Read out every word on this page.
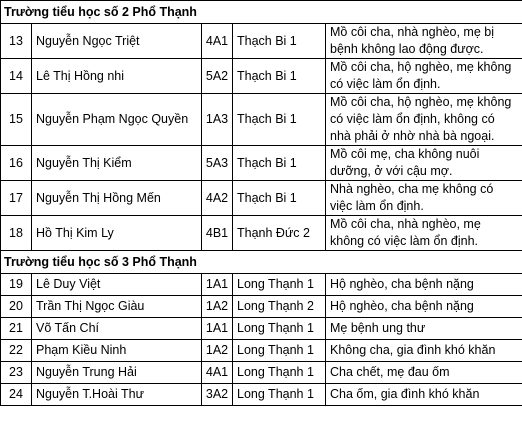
Trường tiểu học số 2 Phổ Thạnh				
13	Nguyễn Ngọc Triệt	4A1	Thạch Bi 1	Mồ côi cha, nhà nghèo, mẹ bị bệnh không lao động được.
14	Lê Thị Hồng nhi	5A2	Thạch Bi 1	Mồ côi cha, hộ nghèo, mẹ không có việc làm ổn định.
15	Nguyễn Phạm Ngọc Quyền	1A3	Thạch Bi 1	Mồ côi cha, hộ nghèo, mẹ không có việc làm ổn định, không có nhà phải ở nhờ nhà bà ngoại.
16	Nguyễn Thị Kiểm	5A3	Thạch Bi 1	Mồ côi mẹ, cha không nuôi dưỡng, ở với cậu mợ.
17	Nguyễn Thị Hồng Mến	4A2	Thạch Bi 1	Nhà nghèo, cha mẹ không có việc làm ổn định.
18	Hồ Thị Kim Ly	4B1	Thạnh Đức 2	Mồ côi cha, nhà nghèo, mẹ không có việc làm ổn định.
Trường tiểu học số 3 Phổ Thạnh				
19	Lê Duy Việt	1A1	Long Thạnh 1	Hộ nghèo, cha bệnh nặng
20	Trần Thị Ngọc Giàu	1A2	Long Thạnh 2	Hộ nghèo, cha bệnh nặng
21	Võ Tấn Chí	1A1	Long Thạnh 1	Mẹ bệnh ung thư
22	Phạm Kiều Ninh	1A2	Long Thạnh 1	Không cha, gia đình khó khăn
23	Nguyễn Trung Hải	4A1	Long Thạnh 1	Cha chết, mẹ đau ốm
24	Nguyễn T.Hoài Thư	3A2	Long Thạnh 1	Cha ốm, gia đình khó khăn
